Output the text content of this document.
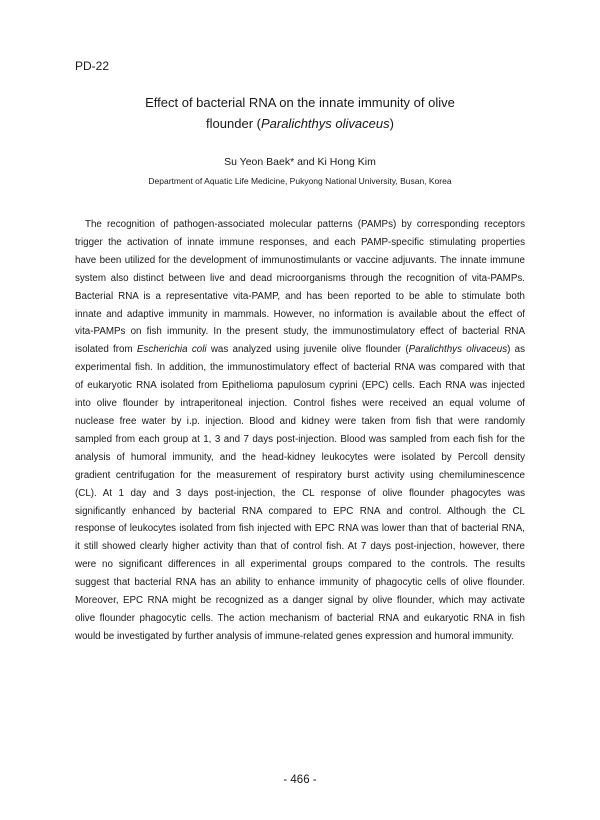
PD-22
Effect of bacterial RNA on the innate immunity of olive
flounder (Paralichthys olivaceus)
Su Yeon Baek* and Ki Hong Kim
Department of Aquatic Life Medicine, Pukyong National University, Busan, Korea
The recognition of pathogen-associated molecular patterns (PAMPs) by corresponding receptors
trigger the activation of innate immune responses, and each PAMP-specific stimulating properties
have been utilized for the development of immunostimulants or vaccine adjuvants. The innate immune
system also distinct between live and dead microorganisms through the recognition of vita-PAMPs.
Bacterial RNA is a representative vita-PAMP, and has been reported to be able to stimulate both
innate and adaptive immunity in mammals. However, no information is available about the effect of
vita-PAMPs on fish immunity. In the present study, the immunostimulatory effect of bacterial RNA
isolated from Escherichia coli was analyzed using juvenile olive flounder (Paralichthys olivaceus) as
experimental fish. In addition, the immunostimulatory effect of bacterial RNA was compared with that
of eukaryotic RNA isolated from Epithelioma papulosum cyprini (EPC) cells. Each RNA was injected
into olive flounder by intraperitoneal injection. Control fishes were received an equal volume of
nuclease free water by i.p. injection. Blood and kidney were taken from fish that were randomly
sampled from each group at 1, 3 and 7 days post-injection. Blood was sampled from each fish for the
analysis of humoral immunity, and the head-kidney leukocytes were isolated by Percoll density
gradient centrifugation for the measurement of respiratory burst activity using chemiluminescence
(CL). At 1 day and 3 days post-injection, the CL response of olive flounder phagocytes was
significantly enhanced by bacterial RNA compared to EPC RNA and control. Although the CL
response of leukocytes isolated from fish injected with EPC RNA was lower than that of bacterial RNA,
it still showed clearly higher activity than that of control fish. At 7 days post-injection, however, there
were no significant differences in all experimental groups compared to the controls. The results
suggest that bacterial RNA has an ability to enhance immunity of phagocytic cells of olive flounder.
Moreover, EPC RNA might be recognized as a danger signal by olive flounder, which may activate
olive flounder phagocytic cells. The action mechanism of bacterial RNA and eukaryotic RNA in fish
would be investigated by further analysis of immune-related genes expression and humoral immunity.
- 466 -
